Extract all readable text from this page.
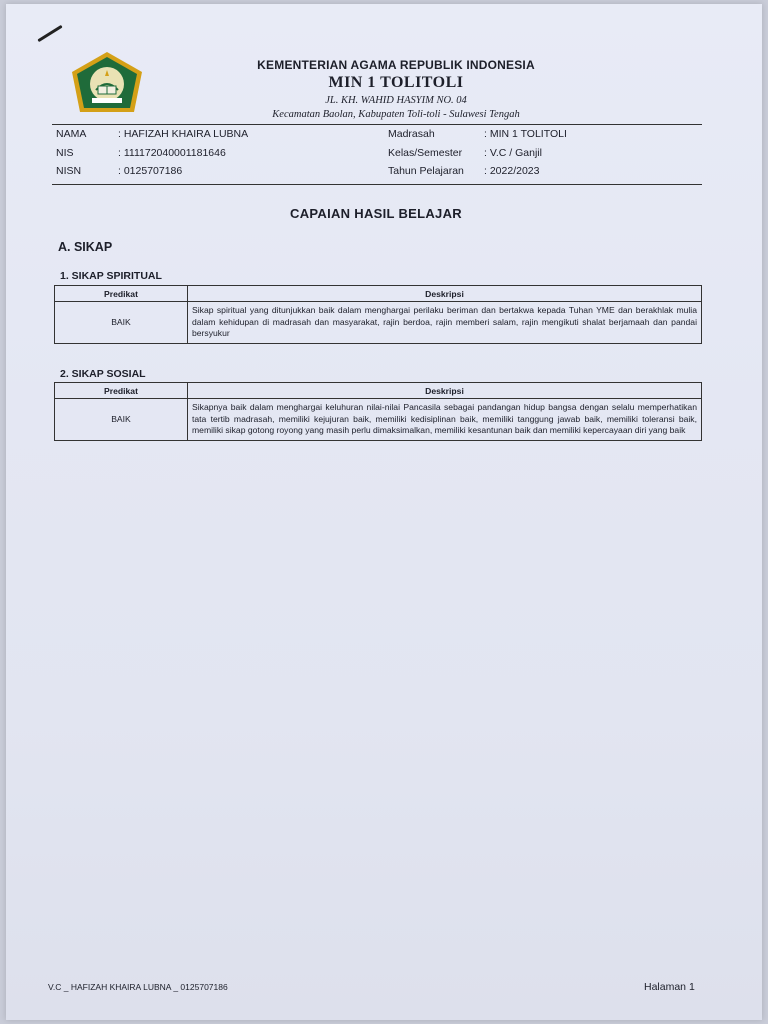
KEMENTERIAN AGAMA REPUBLIK INDONESIA
MIN 1 TOLITOLI
JL. KH. WAHID HASYIM NO. 04
Kecamatan Baolan, Kabupaten Toli-toli - Sulawesi Tengah
NAMA	: HAFIZAH KHAIRA LUBNA	Madrasah	: MIN 1 TOLITOLI
NIS	: 111172040001181646	Kelas/Semester : V.C / Ganjil
NISN	: 0125707186	Tahun Pelajaran : 2022/2023
CAPAIAN HASIL BELAJAR
A. SIKAP
1. SIKAP SPIRITUAL
Predikat	Deskripsi
BAIK	Sikap spiritual yang ditunjukkan baik dalam menghargai perilaku beriman dan bertakwa kepada Tuhan YME dan berakhlak mulia dalam kehidupan di madrasah dan masyarakat, rajin berdoa, rajin memberi salam, rajin mengikuti shalat berjamaah dan pandai bersyukur
2. SIKAP SOSIAL
Predikat	Deskripsi
BAIK	Sikapnya baik dalam menghargai keluhuran nilai-nilai Pancasila sebagai pandangan hidup bangsa dengan selalu memperhatikan tata tertib madrasah, memiliki kejujuran baik, memiliki kedisiplinan baik, memiliki tanggung jawab baik, memiliki toleransi baik, memiliki sikap gotong royong yang masih perlu dimaksimalkan, memiliki kesantunan baik dan memiliki kepercayaan diri yang baik
V.C _ HAFIZAH KHAIRA LUBNA _ 0125707186	Halaman 1
